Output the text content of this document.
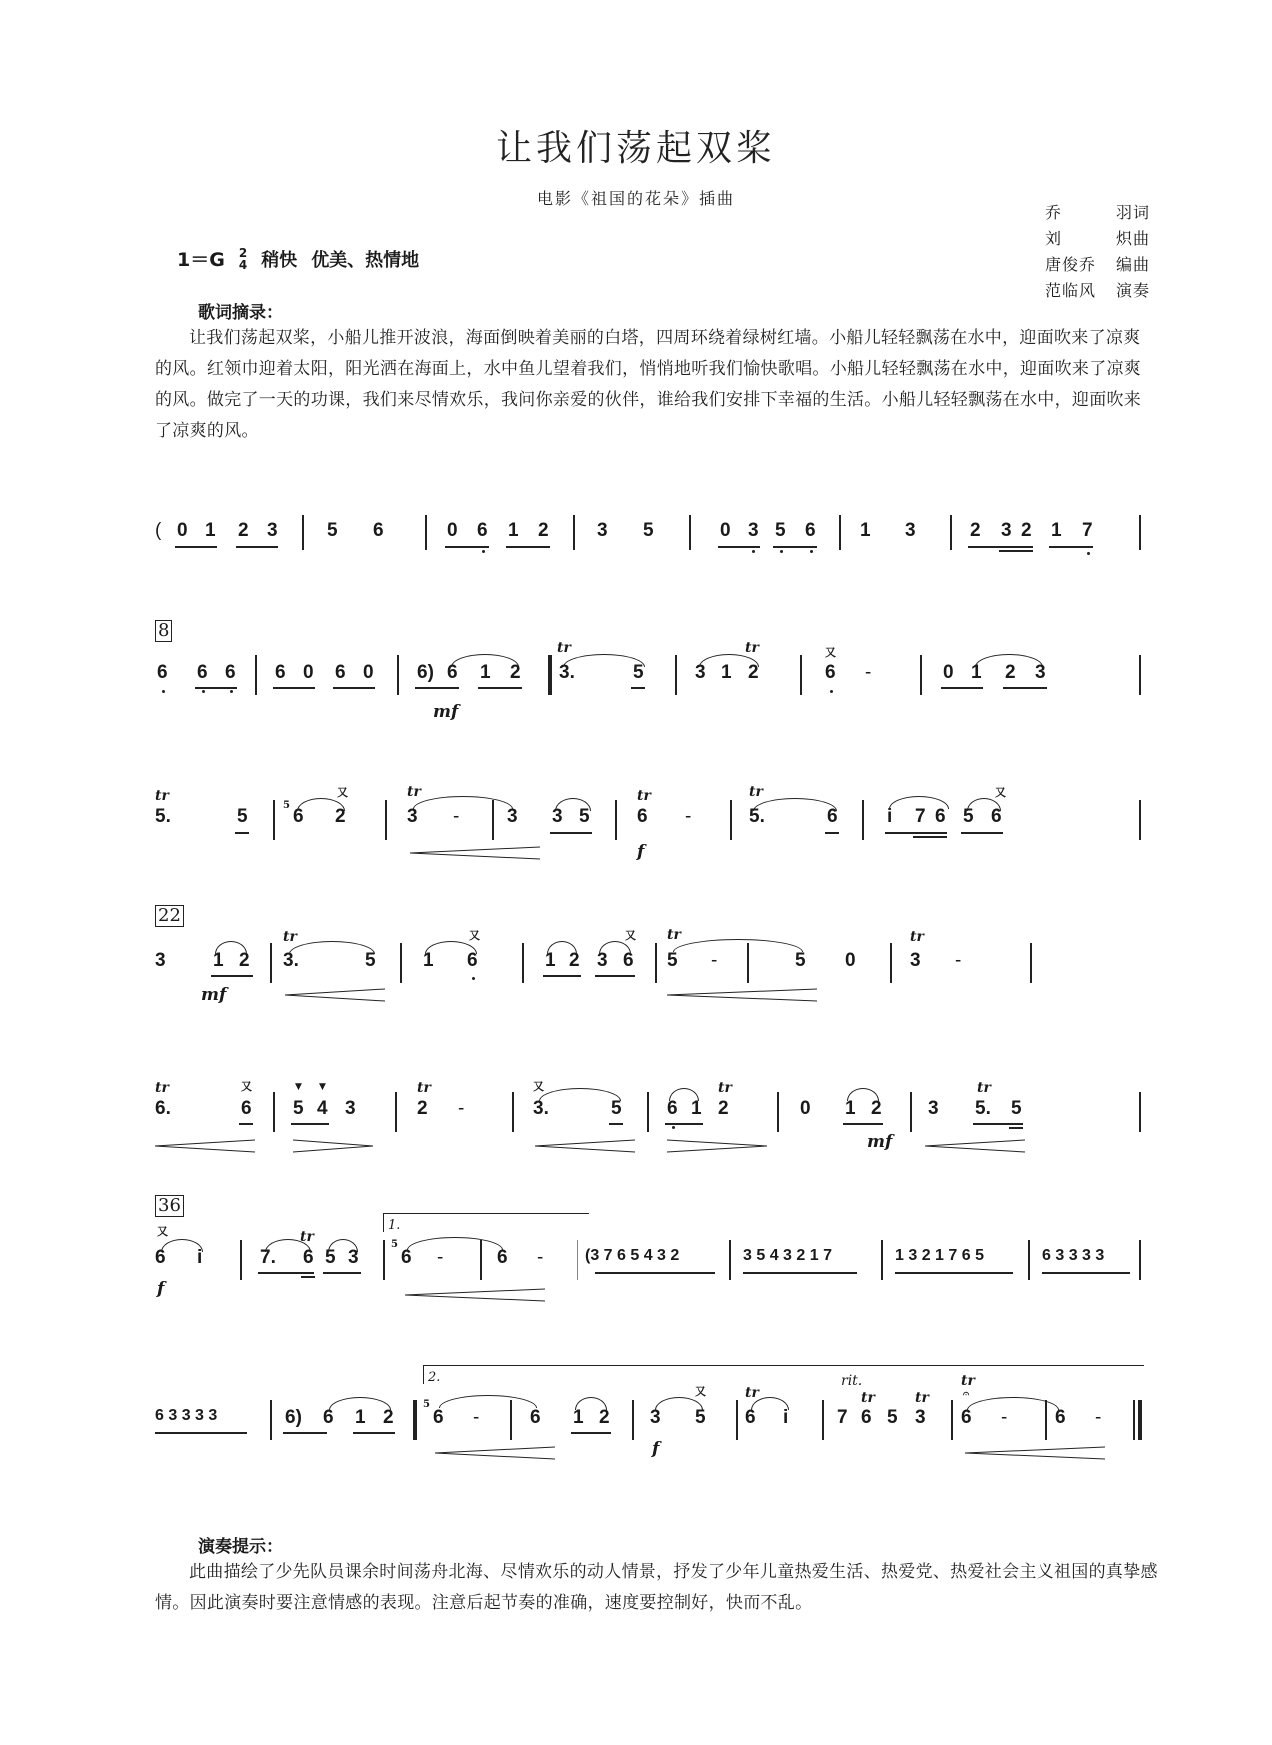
让我们荡起双桨
电影《祖国的花朵》插曲
乔	羽词
刘	炽曲
唐俊乔 编曲
范临风 演奏
1＝G 2
4 稍快 优美、热情地
歌词摘录：
让我们荡起双桨，小船儿推开波浪，海面倒映着美丽的白塔，四周环绕着绿树红墙。小船儿轻轻飘荡在水中，迎面吹来了凉爽的风。红领巾迎着太阳，阳光洒在海面上，水中鱼儿望着我们，悄悄地听我们愉快歌唱。小船儿轻轻飘荡在水中，迎面吹来了凉爽的风。做完了一天的功课，我们来尽情欢乐，我问你亲爱的伙伴，谁给我们安排下幸福的生活。小船儿轻轻飘荡在水中，迎面吹来了凉爽的风。
( 0 1 2 3	5 6	0 6 1 2	3 5	0 3 5 6 1 3	2 3 2 1 7
8
6 6 6 6 0 6 0 6) 6 1 2
mf
3.
tr
5	3 1 2
tr
6
又
-	0 1 2 3
tr
5.	5
5
6 2
又	tr
3 -	3 3 5
tr
6
f
-
tr
5.	6	i 7 6 5 6
又
22
3 1 2
mf
tr
3.	5 1 6
又
1 2 3 6
又 tr
5 -	5 0
tr
3 -
tr
6.	6
又
5 4
▼ ▼
3
tr
2 -
又
3.	5 6 1 2
tr
0 1 2
mf
3
tr
5. 5
36
又
6 i
f
7. 6
tr
5 3
1.
5
6 -	6 -	(3 7 6 5 4 3 2	3 5 4 3 2 1 7	1 3 2 1 7 6 5	6 3 3 3 3
6 3 3 3 3	6) 6 1 2
2.
5
6 -	6 1 2 3 5
又
f
tr
6 i
rit.
7
tr
6 5
tr
3
tr
𝄐
6 -	6 -
演奏提示：
此曲描绘了少先队员课余时间荡舟北海、尽情欢乐的动人情景，抒发了少年儿童热爱生活、热爱党、热爱社会主义祖国的真挚感情。因此演奏时要注意情感的表现。注意后起节奏的准确，速度要控制好，快而不乱。
